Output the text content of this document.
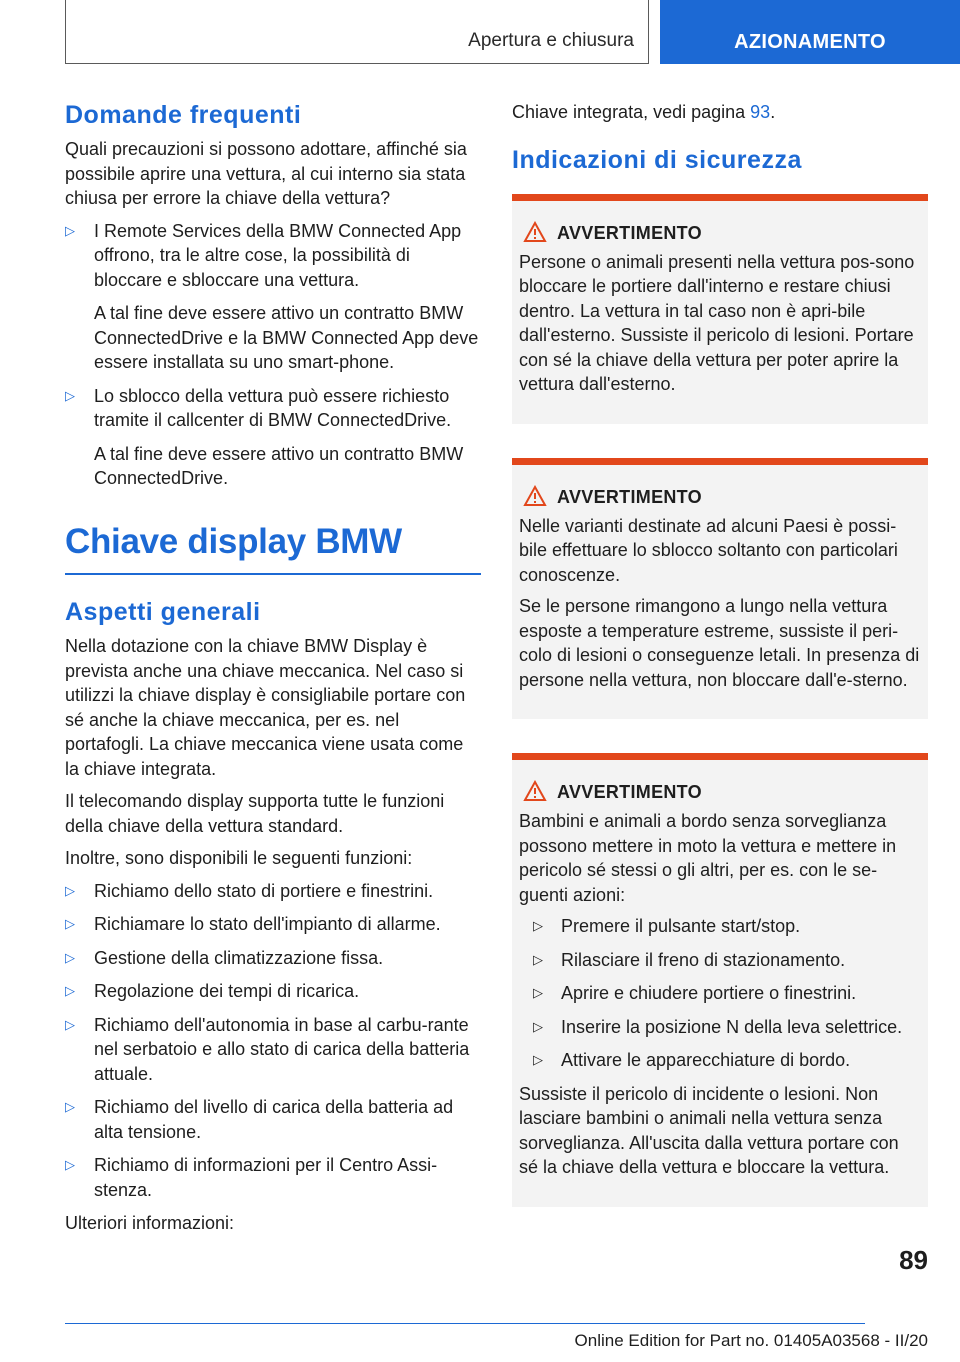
Apertura e chiusura	AZIONAMENTO
Domande frequenti

Quali precauzioni si possono adottare, affinché sia possibile aprire una vettura, al cui interno sia stata chiusa per errore la chiave della vettura?

▷ I Remote Services della BMW Connected App offrono, tra le altre cose, la possibilità di bloccare e sbloccare una vettura.
A tal fine deve essere attivo un contratto BMW ConnectedDrive e la BMW Connected App deve essere installata su uno smart‐phone.
▷ Lo sblocco della vettura può essere richiesto tramite il callcenter di BMW ConnectedDrive.
A tal fine deve essere attivo un contratto BMW ConnectedDrive.
Chiave display BMW
Aspetti generali

Nella dotazione con la chiave BMW Display è prevista anche una chiave meccanica. Nel caso si utilizzi la chiave display è consigliabile portare con sé anche la chiave meccanica, per es. nel portafogli. La chiave meccanica viene usata come la chiave integrata.

Il telecomando display supporta tutte le funzioni della chiave della vettura standard.

Inoltre, sono disponibili le seguenti funzioni:

▷ Richiamo dello stato di portiere e finestrini.
▷ Richiamare lo stato dell'impianto di allarme.
▷ Gestione della climatizzazione fissa.
▷ Regolazione dei tempi di ricarica.
▷ Richiamo dell'autonomia in base al carbu‐rante nel serbatoio e allo stato di carica della batteria attuale.
▷ Richiamo del livello di carica della batteria ad alta tensione.
▷ Richiamo di informazioni per il Centro Assi‐stenza.

Ulteriori informazioni:

Chiave integrata, vedi pagina 93.

Indicazioni di sicurezza
AVVERTIMENTO

Persone o animali presenti nella vettura pos‐sono bloccare le portiere dall'interno e restare chiusi dentro. La vettura in tal caso non è apri‐bile dall'esterno. Sussiste il pericolo di lesioni. Portare con sé la chiave della vettura per poter aprire la vettura dall'esterno.

AVVERTIMENTO

Nelle varianti destinate ad alcuni Paesi è possi‐bile effettuare lo sblocco soltanto con particolari conoscenze.

Se le persone rimangono a lungo nella vettura esposte a temperature estreme, sussiste il peri‐colo di lesioni o conseguenze letali. In presenza di persone nella vettura, non bloccare dall'e‐sterno.

AVVERTIMENTO

Bambini e animali a bordo senza sorveglianza possono mettere in moto la vettura e mettere in pericolo sé stessi o gli altri, per es. con le se‐guenti azioni:

▷ Premere il pulsante start/stop.
▷ Rilasciare il freno di stazionamento.
▷ Aprire e chiudere portiere o finestrini.
▷ Inserire la posizione N della leva selettrice.
▷ Attivare le apparecchiature di bordo.

Sussiste il pericolo di incidente o lesioni. Non lasciare bambini o animali nella vettura senza sorveglianza. All'uscita dalla vettura portare con sé la chiave della vettura e bloccare la vettura.

89
Online Edition for Part no. 01405A03568 - II/20
